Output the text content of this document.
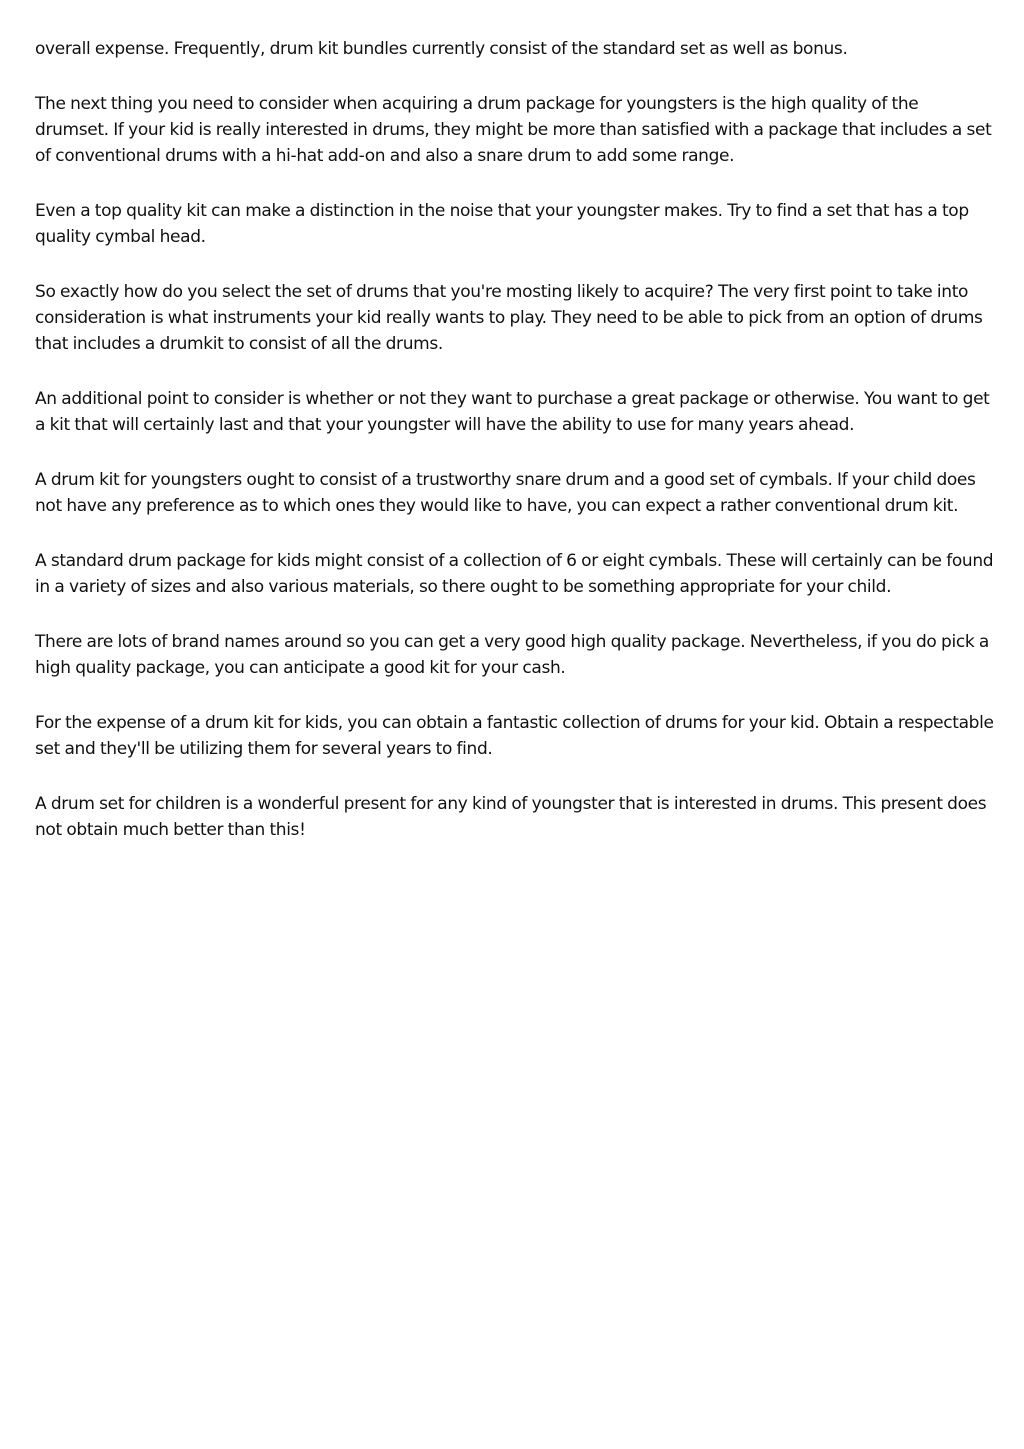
overall expense. Frequently, drum kit bundles currently consist of the standard set as well as bonus.

The next thing you need to consider when acquiring a drum package for youngsters is the high quality of the drumset. If your kid is really interested in drums, they might be more than satisfied with a package that includes a set of conventional drums with a hi-hat add-on and also a snare drum to add some range.

Even a top quality kit can make a distinction in the noise that your youngster makes. Try to find a set that has a top quality cymbal head.

So exactly how do you select the set of drums that you're mosting likely to acquire? The very first point to take into consideration is what instruments your kid really wants to play. They need to be able to pick from an option of drums that includes a drumkit to consist of all the drums.

An additional point to consider is whether or not they want to purchase a great package or otherwise. You want to get a kit that will certainly last and that your youngster will have the ability to use for many years ahead.

A drum kit for youngsters ought to consist of a trustworthy snare drum and a good set of cymbals. If your child does not have any preference as to which ones they would like to have, you can expect a rather conventional drum kit.

A standard drum package for kids might consist of a collection of 6 or eight cymbals. These will certainly can be found in a variety of sizes and also various materials, so there ought to be something appropriate for your child.

There are lots of brand names around so you can get a very good high quality package. Nevertheless, if you do pick a high quality package, you can anticipate a good kit for your cash.

For the expense of a drum kit for kids, you can obtain a fantastic collection of drums for your kid. Obtain a respectable set and they'll be utilizing them for several years to find.

A drum set for children is a wonderful present for any kind of youngster that is interested in drums. This present does not obtain much better than this!
